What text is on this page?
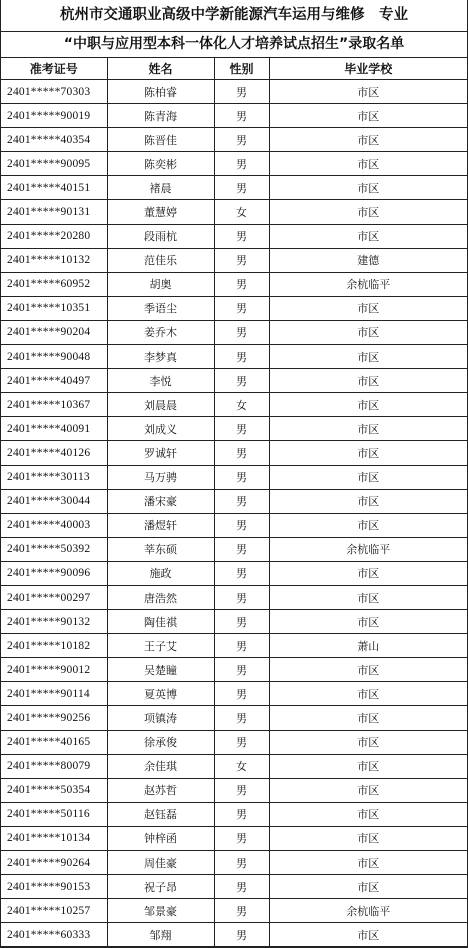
杭州市交通职业高级中学新能源汽车运用与维修　专业
“中职与应用型本科一体化人才培养试点招生”录取名单
准考证号	姓名	性别	毕业学校
2401*****70303	陈柏睿	男	市区
2401*****90019	陈青海	男	市区
2401*****40354	陈晋佳	男	市区
2401*****90095	陈奕彬	男	市区
2401*****40151	褚晨	男	市区
2401*****90131	董慧婷	女	市区
2401*****20280	段雨杭	男	市区
2401*****10132	范佳乐	男	建德
2401*****60952	胡奥	男	余杭临平
2401*****10351	季语尘	男	市区
2401*****90204	姜乔木	男	市区
2401*****90048	李梦真	男	市区
2401*****40497	李悦	男	市区
2401*****10367	刘晨晨	女	市区
2401*****40091	刘成义	男	市区
2401*****40126	罗诚轩	男	市区
2401*****30113	马万骋	男	市区
2401*****30044	潘宋豪	男	市区
2401*****40003	潘煜轩	男	市区
2401*****50392	莘东硕	男	余杭临平
2401*****90096	施政	男	市区
2401*****00297	唐浩然	男	市区
2401*****90132	陶佳祺	男	市区
2401*****10182	王子艾	男	萧山
2401*****90012	吴楚瞳	男	市区
2401*****90114	夏英博	男	市区
2401*****90256	项镇涛	男	市区
2401*****40165	徐承俊	男	市区
2401*****80079	余佳琪	女	市区
2401*****50354	赵苏哲	男	市区
2401*****50116	赵钰磊	男	市区
2401*****10134	钟梓函	男	市区
2401*****90264	周佳豪	男	市区
2401*****90153	祝子昂	男	市区
2401*****10257	邹景豪	男	余杭临平
2401*****60333	邹翔	男	市区
